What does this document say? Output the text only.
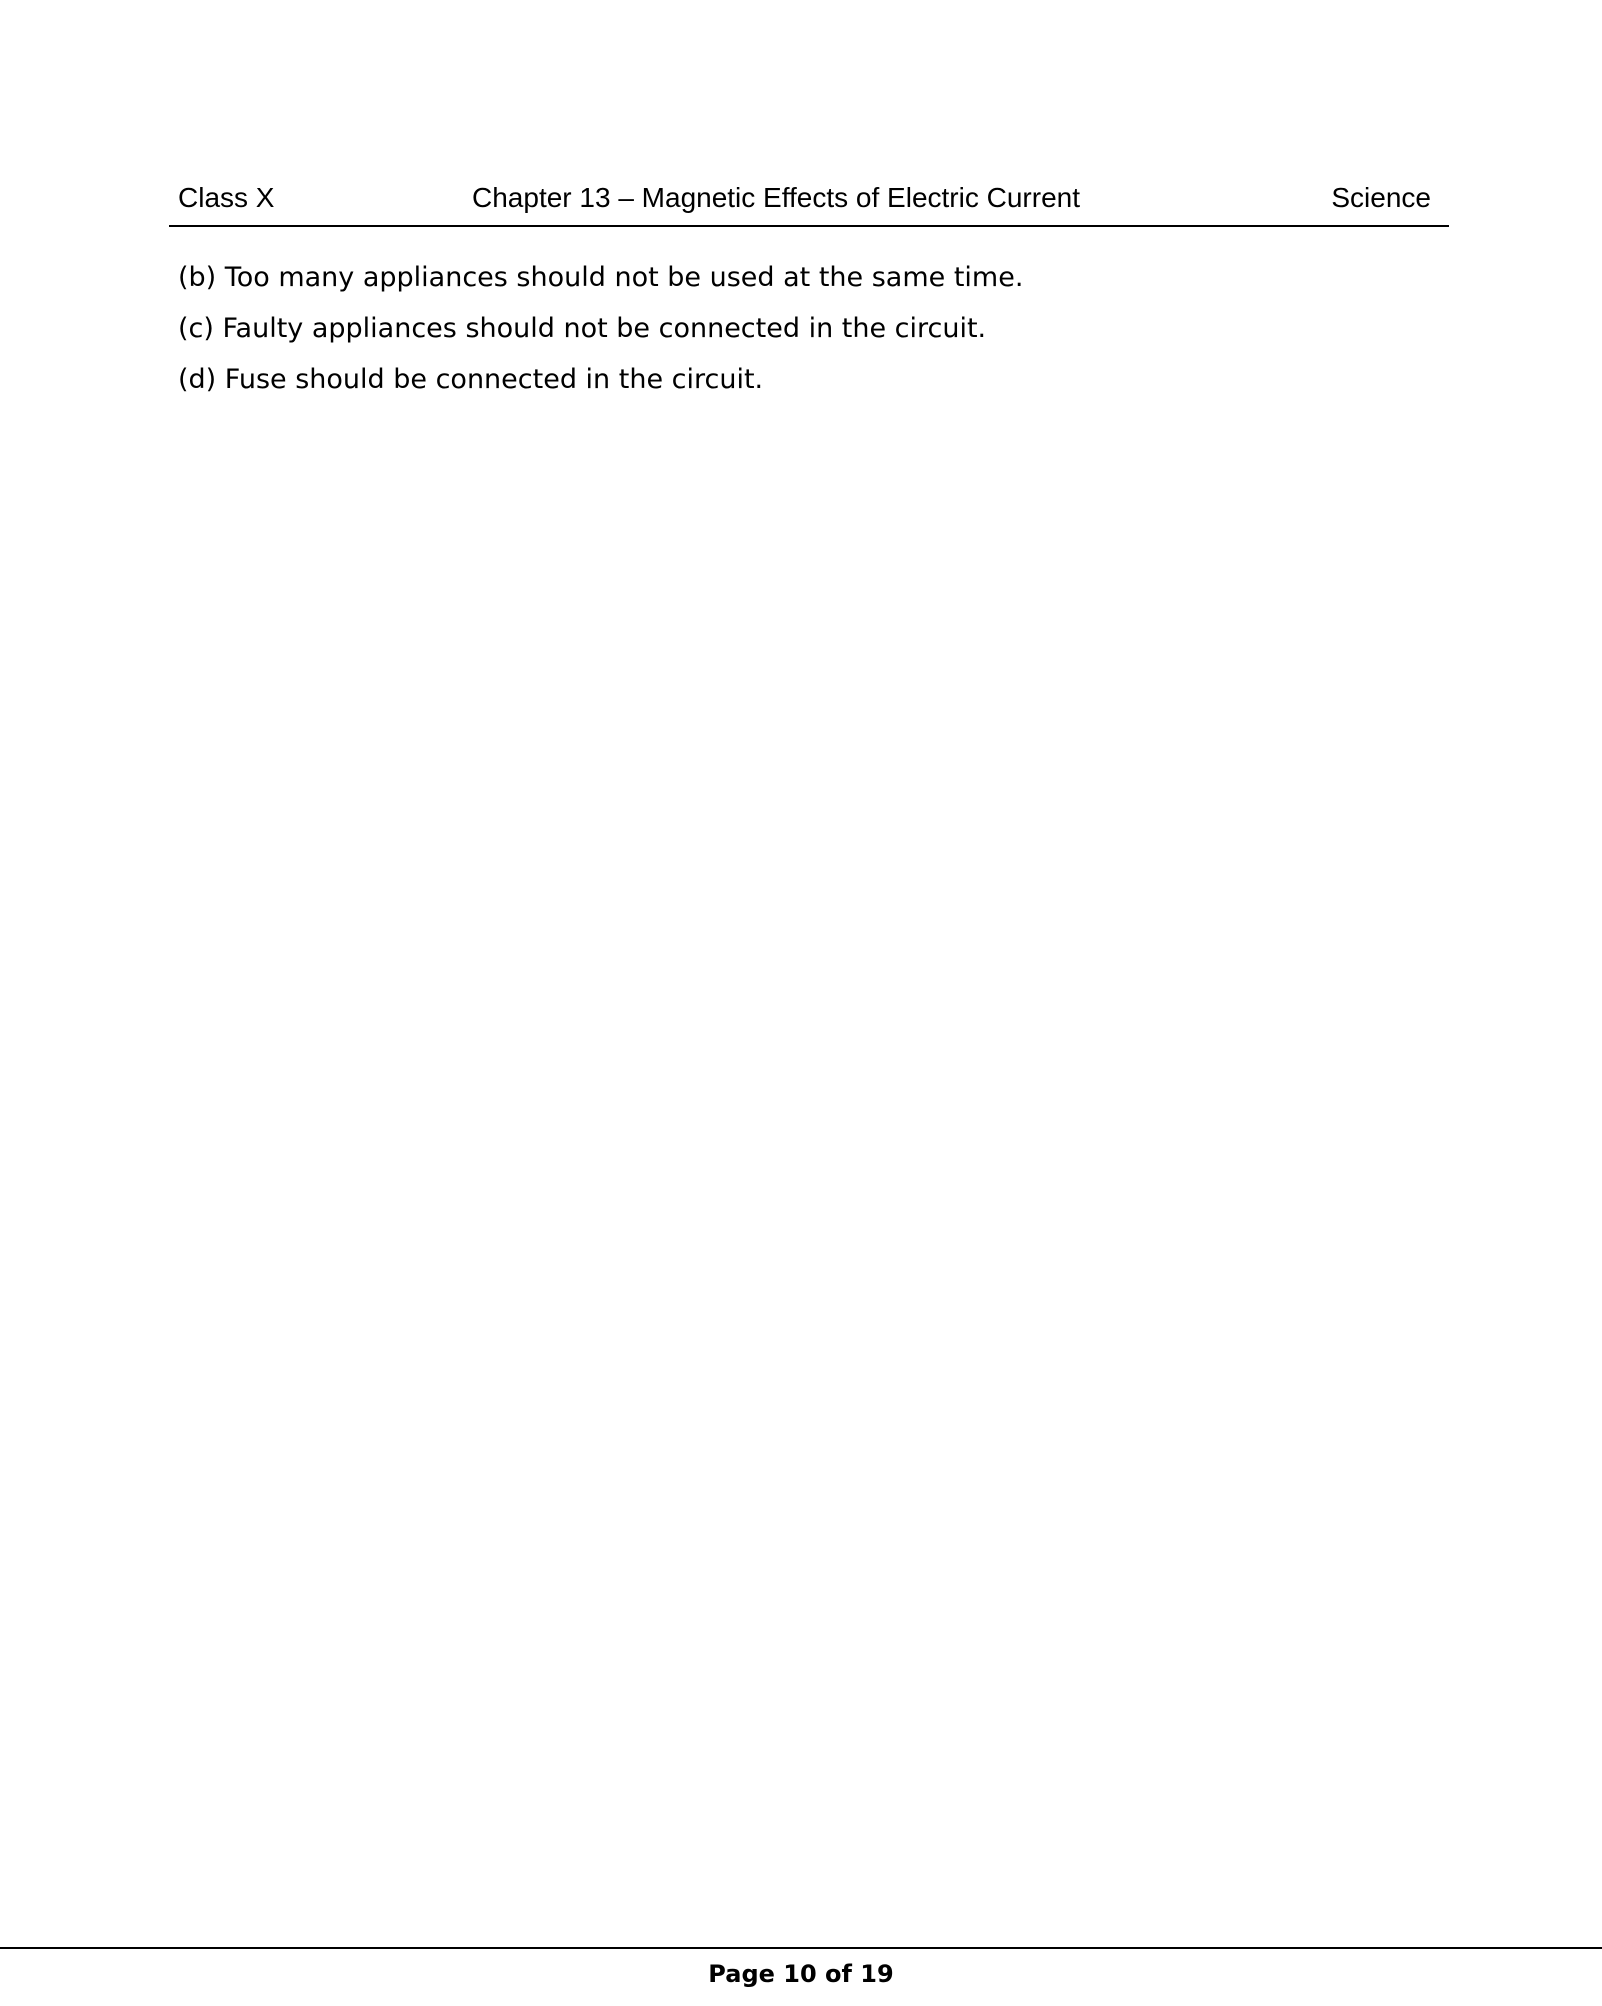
Class X	Chapter 13 – Magnetic Effects of Electric Current	Science

(b) Too many appliances should not be used at the same time.

(c) Faulty appliances should not be connected in the circuit.

(d) Fuse should be connected in the circuit.

Page 10 of 19
